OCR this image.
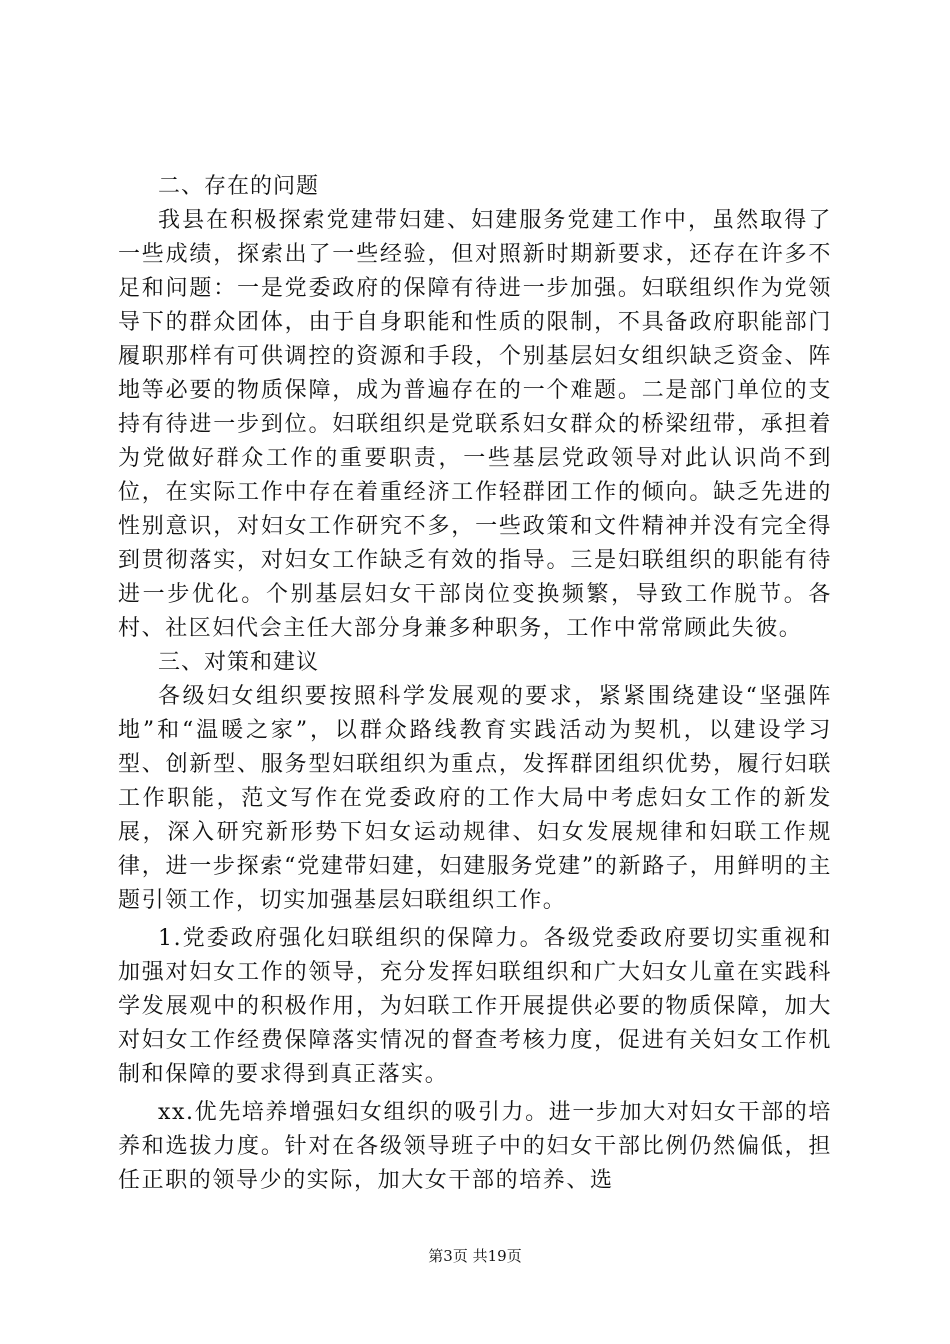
二、存在的问题

我县在积极探索党建带妇建、妇建服务党建工作中，虽然取得了一些成绩，探索出了一些经验，但对照新时期新要求，还存在许多不足和问题：一是党委政府的保障有待进一步加强。妇联组织作为党领导下的群众团体，由于自身职能和性质的限制，不具备政府职能部门履职那样有可供调控的资源和手段，个别基层妇女组织缺乏资金、阵地等必要的物质保障，成为普遍存在的一个难题。二是部门单位的支持有待进一步到位。妇联组织是党联系妇女群众的桥梁纽带，承担着为党做好群众工作的重要职责，一些基层党政领导对此认识尚不到位，在实际工作中存在着重经济工作轻群团工作的倾向。缺乏先进的性别意识，对妇女工作研究不多，一些政策和文件精神并没有完全得到贯彻落实，对妇女工作缺乏有效的指导。三是妇联组织的职能有待进一步优化。个别基层妇女干部岗位变换频繁，导致工作脱节。各村、社区妇代会主任大部分身兼多种职务，工作中常常顾此失彼。

三、对策和建议

各级妇女组织要按照科学发展观的要求，紧紧围绕建设“坚强阵地”和“温暖之家”，以群众路线教育实践活动为契机，以建设学习型、创新型、服务型妇联组织为重点，发挥群团组织优势，履行妇联工作职能，范文写作在党委政府的工作大局中考虑妇女工作的新发展，深入研究新形势下妇女运动规律、妇女发展规律和妇联工作规律，进一步探索“党建带妇建，妇建服务党建”的新路子，用鲜明的主题引领工作，切实加强基层妇联组织工作。

1.党委政府强化妇联组织的保障力。各级党委政府要切实重视和加强对妇女工作的领导，充分发挥妇联组织和广大妇女儿童在实践科学发展观中的积极作用，为妇联工作开展提供必要的物质保障，加大对妇女工作经费保障落实情况的督查考核力度，促进有关妇女工作机制和保障的要求得到真正落实。

xx.优先培养增强妇女组织的吸引力。进一步加大对妇女干部的培养和选拔力度。针对在各级领导班子中的妇女干部比例仍然偏低，担任正职的领导少的实际，加大女干部的培养、选

第3页 共19页
